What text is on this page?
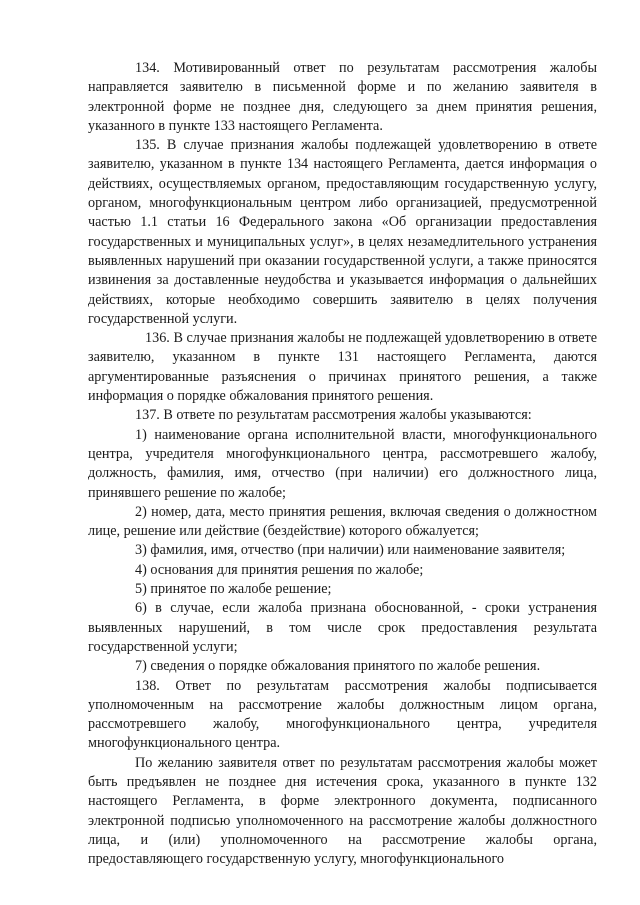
134. Мотивированный ответ по результатам рассмотрения жалобы направляется заявителю в письменной форме и по желанию заявителя в электронной форме не позднее дня, следующего за днем принятия решения, указанного в пункте 133 настоящего Регламента.

135. В случае признания жалобы подлежащей удовлетворению в ответе заявителю, указанном в пункте 134 настоящего Регламента, дается информация о действиях, осуществляемых органом, предоставляющим государственную услугу, органом, многофункциональным центром либо организацией, предусмотренной частью 1.1 статьи 16 Федерального закона «Об организации предоставления государственных и муниципальных услуг», в целях незамедлительного устранения выявленных нарушений при оказании государственной услуги, а также приносятся извинения за доставленные неудобства и указывается информация о дальнейших действиях, которые необходимо совершить заявителю в целях получения государственной услуги.

136. В случае признания жалобы не подлежащей удовлетворению в ответе заявителю, указанном в пункте 131 настоящего Регламента, даются аргументированные разъяснения о причинах принятого решения, а также информация о порядке обжалования принятого решения.

137. В ответе по результатам рассмотрения жалобы указываются:

1) наименование органа исполнительной власти, многофункционального центра, учредителя многофункционального центра, рассмотревшего жалобу, должность, фамилия, имя, отчество (при наличии) его должностного лица, принявшего решение по жалобе;

2) номер, дата, место принятия решения, включая сведения о должностном лице, решение или действие (бездействие) которого обжалуется;

3) фамилия, имя, отчество (при наличии) или наименование заявителя;

4) основания для принятия решения по жалобе;

5) принятое по жалобе решение;

6) в случае, если жалоба признана обоснованной, - сроки устранения выявленных нарушений, в том числе срок предоставления результата государственной услуги;

7) сведения о порядке обжалования принятого по жалобе решения.

138. Ответ по результатам рассмотрения жалобы подписывается уполномоченным на рассмотрение жалобы должностным лицом органа, рассмотревшего жалобу, многофункционального центра, учредителя многофункционального центра.

По желанию заявителя ответ по результатам рассмотрения жалобы может быть предъявлен не позднее дня истечения срока, указанного в пункте 132 настоящего Регламента, в форме электронного документа, подписанного электронной подписью уполномоченного на рассмотрение жалобы должностного лица, и (или) уполномоченного на рассмотрение жалобы органа, предоставляющего государственную услугу, многофункционального
